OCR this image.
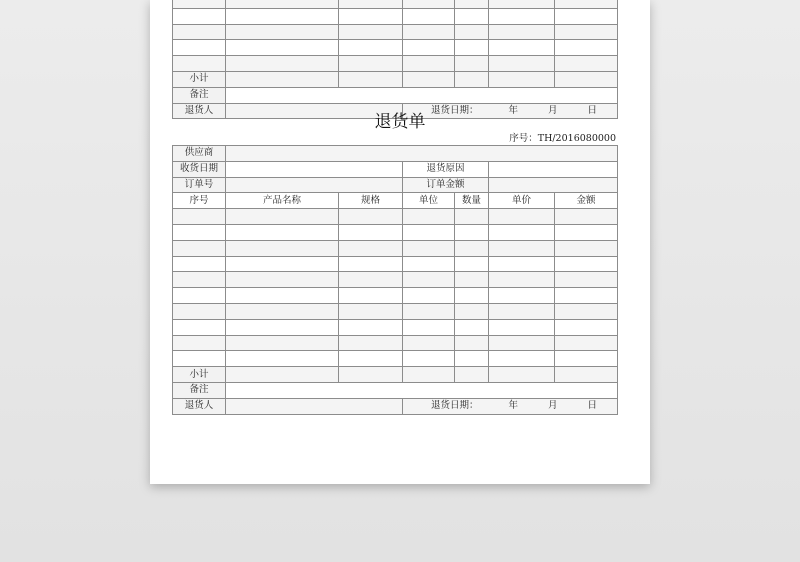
小计						
备注						
退货人			退货日期： 年 月 日			
退货单
序号：TH/2016080000
供应商						
收货日期			退货原因			
订单号			订单金额			
序号	产品名称	规格	单位	数量	单价	金额

小计						
备注						
退货人			退货日期： 年 月 日			
